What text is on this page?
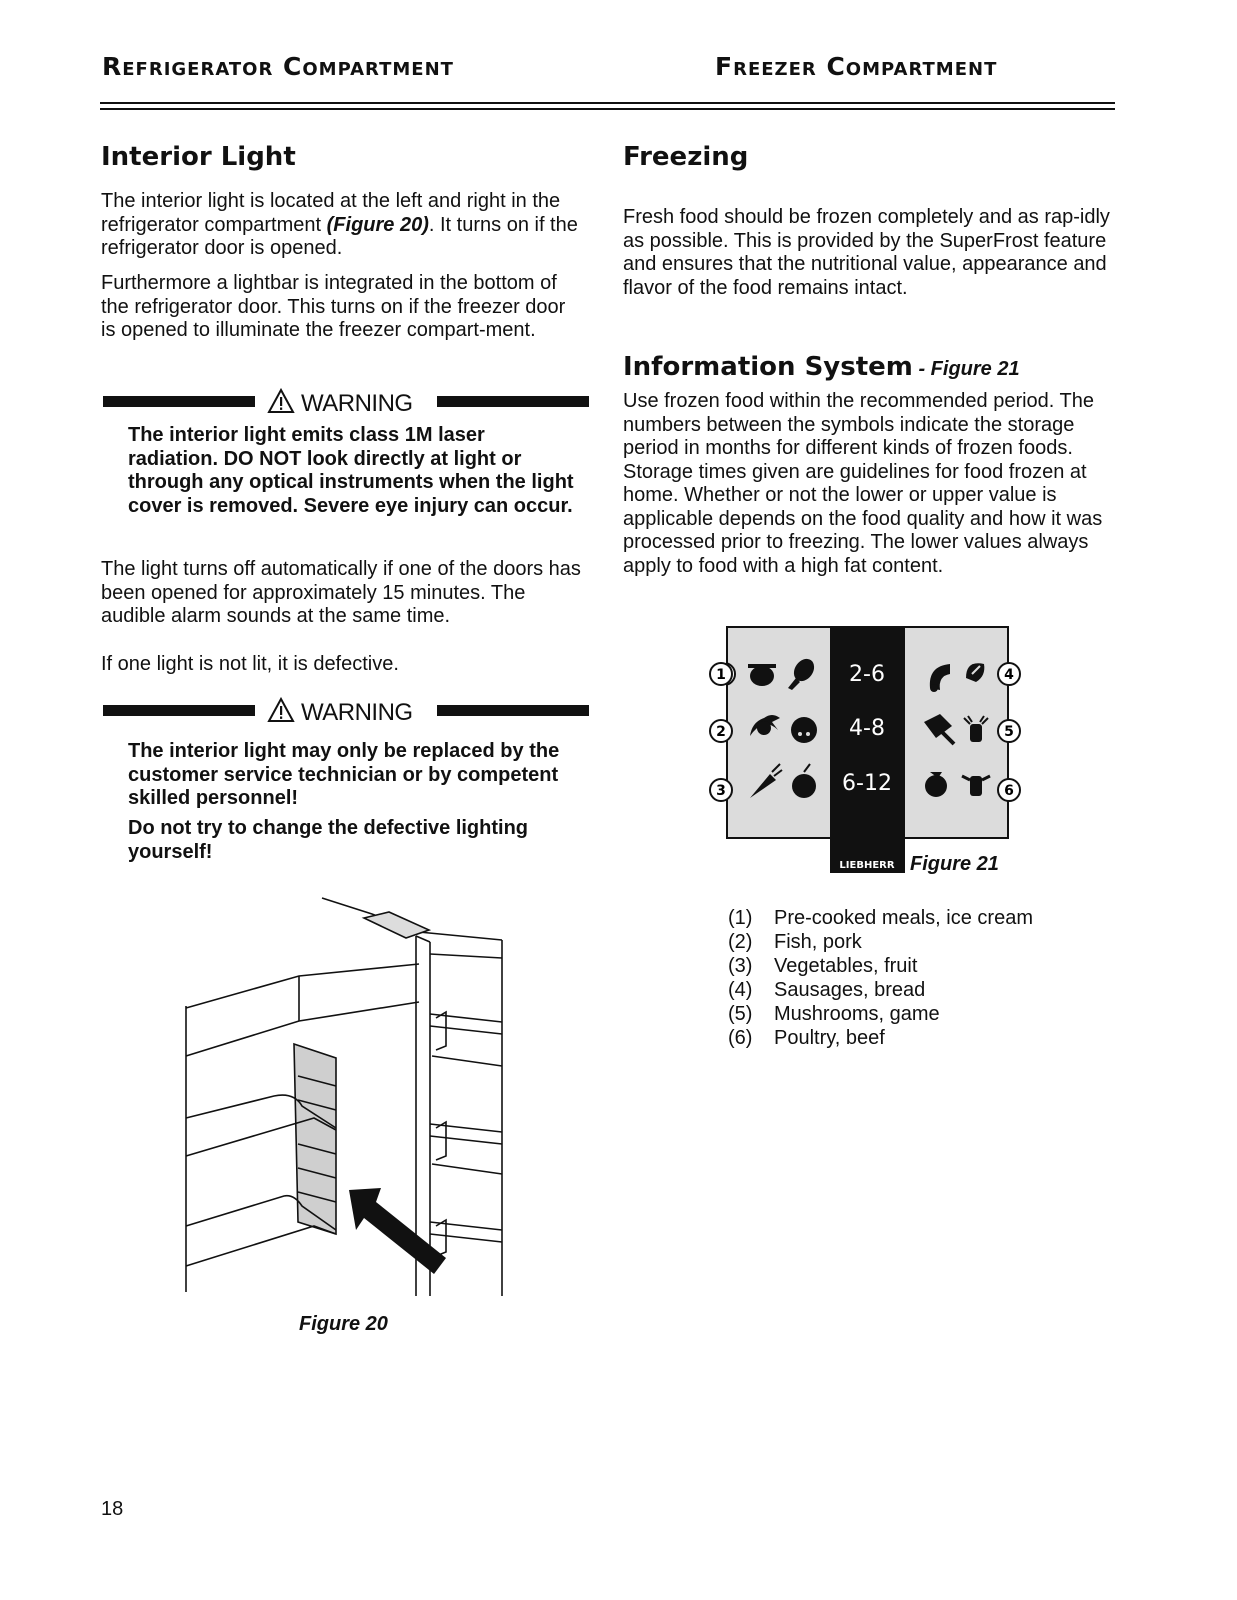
Refrigerator Compartment	Freezer Compartment
Interior Light
The interior light is located at the left and right in the refrigerator compartment (Figure 20). It turns on if the refrigerator door is opened.
Furthermore a lightbar is integrated in the bottom of the refrigerator door. This turns on if the freezer door is opened to illuminate the freezer compart-ment.
WARNING
The interior light emits class 1M laser radiation. DO NOT look directly at light or through any optical instruments when the light cover is removed. Severe eye injury can occur.
The light turns off automatically if one of the doors has been opened for approximately 15 minutes. The audible alarm sounds at the same time.
If one light is not lit, it is defective.
WARNING
The interior light may only be replaced by the customer service technician or by competent skilled personnel!
Do not try to change the defective lighting yourself!
Figure 20
Freezing
Fresh food should be frozen completely and as rap-idly as possible. This is provided by the SuperFrost feature and ensures that the nutritional value, appearance and flavor of the food remains intact.
Information System - Figure 21
Use frozen food within the recommended period. The numbers between the symbols indicate the storage period in months for different kinds of frozen foods. Storage times given are guidelines for food frozen at home. Whether or not the lower or upper value is applicable depends on the food quality and how it was processed prior to freezing. The lower values always apply to food with a high fat content.
2-6
4-8
6-12
LIEBHERR
1
2
3
4
5
6
Figure 21
(1)	Pre-cooked meals, ice cream
(2)	Fish, pork
(3)	Vegetables, fruit
(4)	Sausages, bread
(5)	Mushrooms, game
(6)	Poultry, beef
18
